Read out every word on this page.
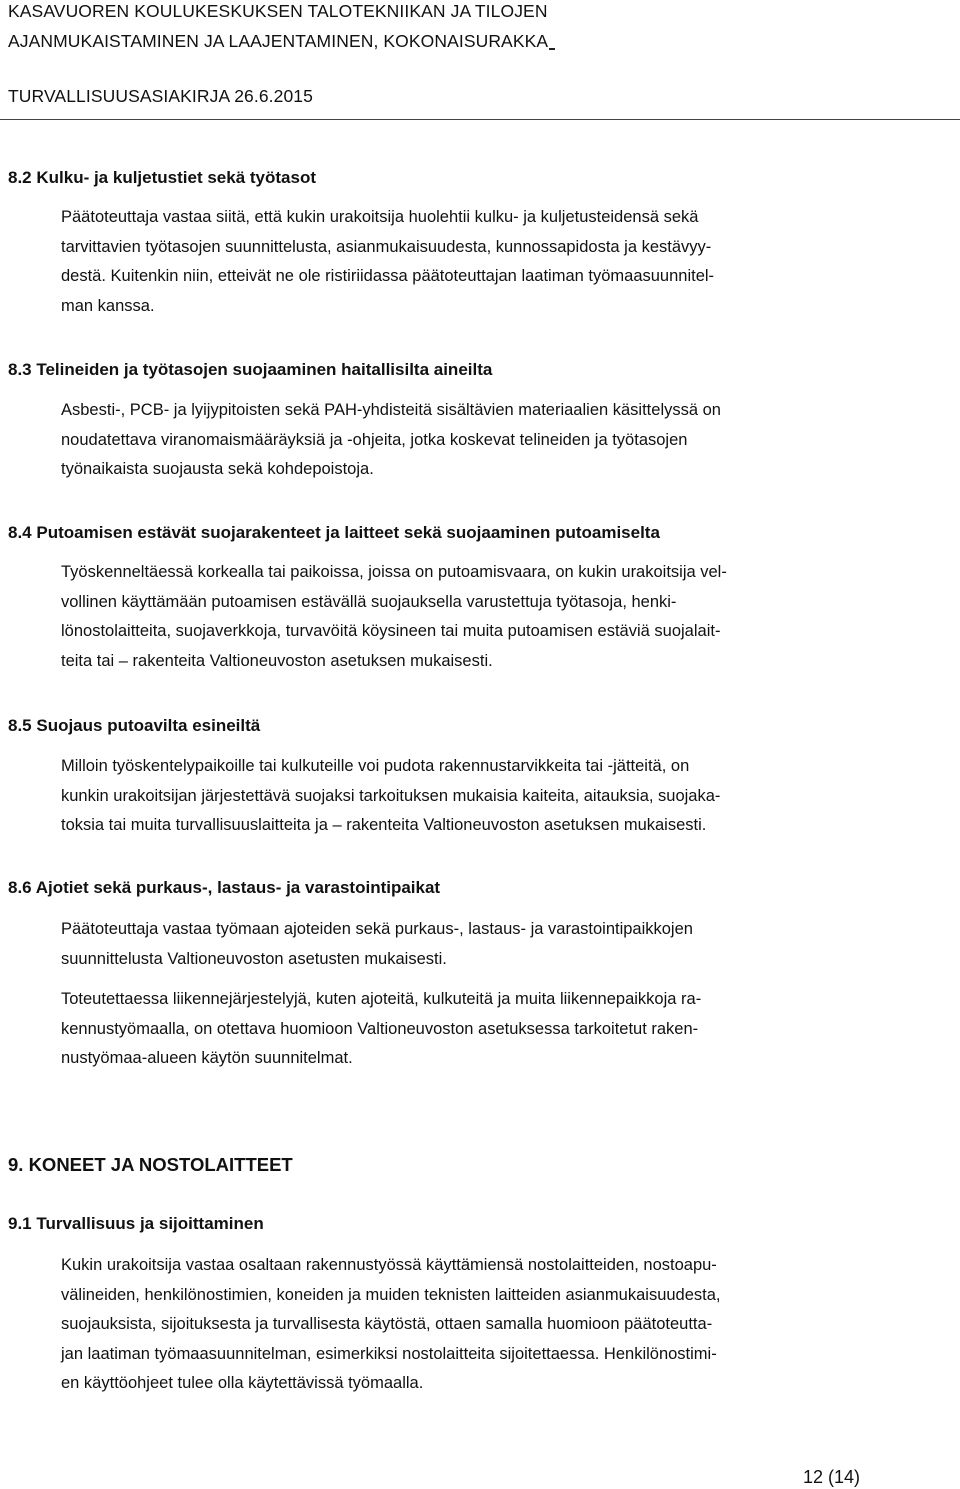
KASAVUOREN KOULUKESKUKSEN TALOTEKNIIKAN JA TILOJEN
AJANMUKAISTAMINEN JA LAAJENTAMINEN, KOKONAISURAKKA
TURVALLISUUSASIAKIRJA 26.6.2015
8.2 Kulku- ja kuljetustiet sekä työtasot
Päätoteuttaja vastaa siitä, että kukin urakoitsija huolehtii kulku- ja kuljetusteidensä sekä
tarvittavien työtasojen suunnittelusta, asianmukaisuudesta, kunnossapidosta ja kestävyy-
destä. Kuitenkin niin, etteivät ne ole ristiriidassa päätoteuttajan laatiman työmaasuunnitel-
man kanssa.
8.3 Telineiden ja työtasojen suojaaminen haitallisilta aineilta
Asbesti-, PCB- ja lyijypitoisten sekä PAH-yhdisteitä sisältävien materiaalien käsittelyssä on
noudatettava viranomaismääräyksiä ja -ohjeita, jotka koskevat telineiden ja työtasojen
työnaikaista suojausta sekä kohdepoistoja.
8.4 Putoamisen estävät suojarakenteet ja laitteet sekä suojaaminen putoamiselta
Työskenneltäessä korkealla tai paikoissa, joissa on putoamisvaara, on kukin urakoitsija vel-
vollinen käyttämään putoamisen estävällä suojauksella varustettuja työtasoja, henki-
lönostolaitteita, suojaverkkoja, turvavöitä köysineen tai muita putoamisen estäviä suojalait-
teita tai – rakenteita Valtioneuvoston asetuksen mukaisesti.
8.5 Suojaus putoavilta esineiltä
Milloin työskentelypaikoille tai kulkuteille voi pudota rakennustarvikkeita tai -jätteitä, on
kunkin urakoitsijan järjestettävä suojaksi tarkoituksen mukaisia kaiteita, aitauksia, suojaka-
toksia tai muita turvallisuuslaitteita ja – rakenteita Valtioneuvoston asetuksen mukaisesti.
8.6 Ajotiet sekä purkaus-, lastaus- ja varastointipaikat
Päätoteuttaja vastaa työmaan ajoteiden sekä purkaus-, lastaus- ja varastointipaikkojen
suunnittelusta Valtioneuvoston asetusten mukaisesti.
Toteutettaessa liikennejärjestelyjä, kuten ajoteitä, kulkuteitä ja muita liikennepaikkoja ra-
kennustyömaalla, on otettava huomioon Valtioneuvoston asetuksessa tarkoitetut raken-
nustyömaa-alueen käytön suunnitelmat.
9. KONEET JA NOSTOLAITTEET
9.1 Turvallisuus ja sijoittaminen
Kukin urakoitsija vastaa osaltaan rakennustyössä käyttämiensä nostolaitteiden, nostoapu-
välineiden, henkilönostimien, koneiden ja muiden teknisten laitteiden asianmukaisuudesta,
suojauksista, sijoituksesta ja turvallisesta käytöstä, ottaen samalla huomioon päätoteutta-
jan laatiman työmaasuunnitelman, esimerkiksi nostolaitteita sijoitettaessa. Henkilönostimi-
en käyttöohjeet tulee olla käytettävissä työmaalla.
12 (14)
